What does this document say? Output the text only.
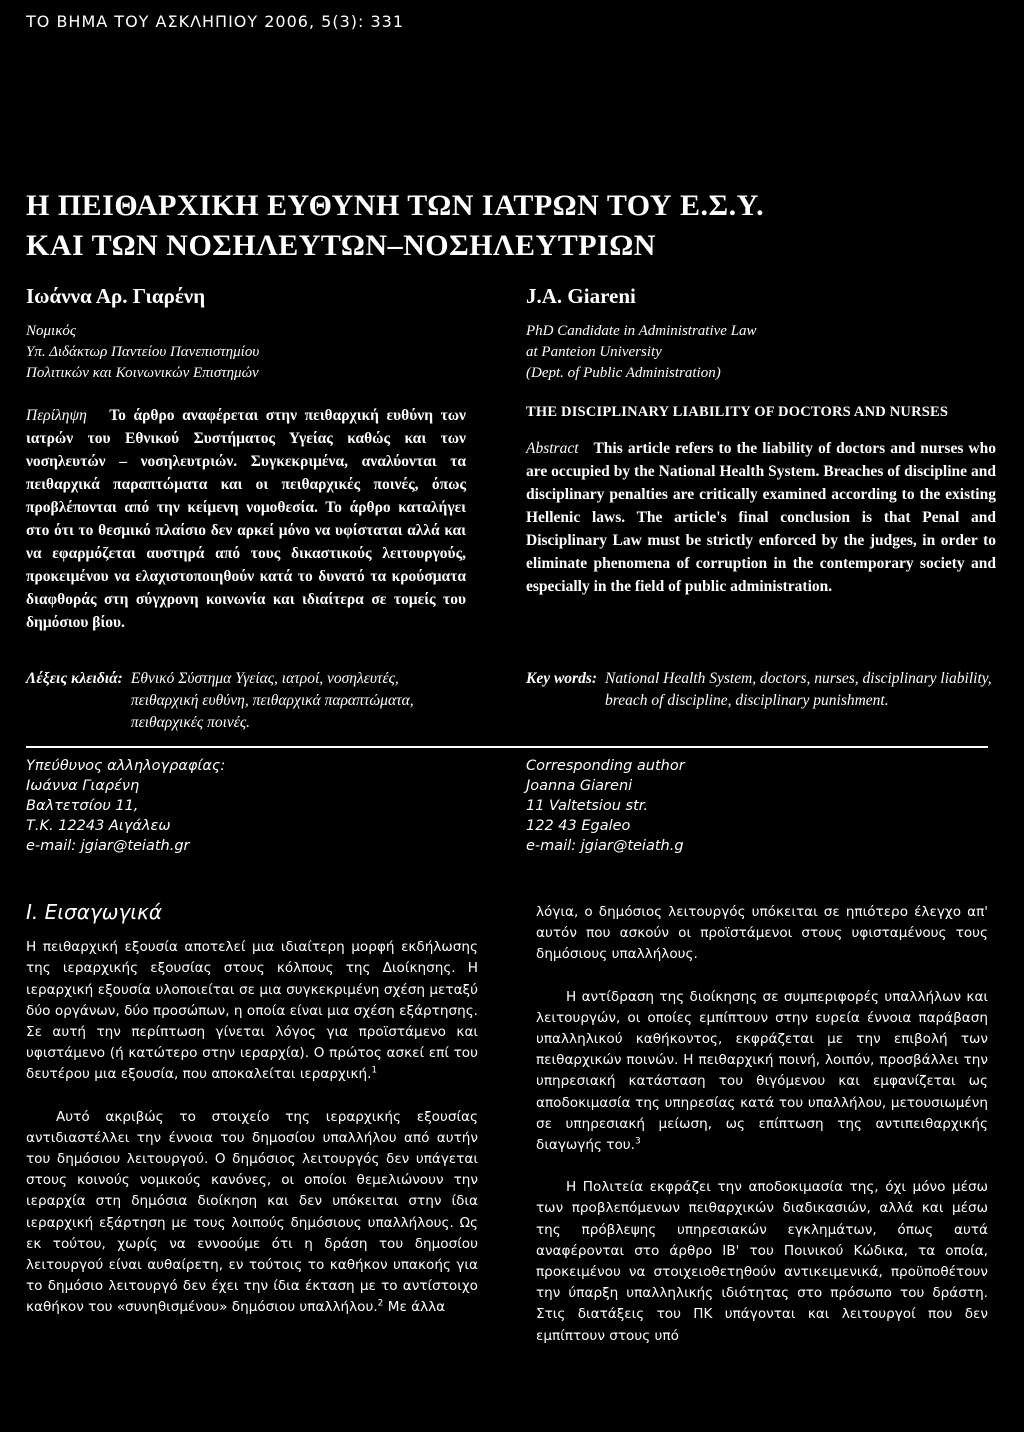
ΤΟ ΒΗΜΑ ΤΟΥ ΑΣΚΛΗΠΙΟΥ 2006, 5(3): 331
Η ΠΕΙΘΑΡΧΙΚΗ ΕΥΘΥΝΗ ΤΩΝ ΙΑΤΡΩΝ ΤΟΥ Ε.Σ.Υ.
ΚΑΙ ΤΩΝ ΝΟΣΗΛΕΥΤΩΝ–ΝΟΣΗΛΕΥΤΡΙΩΝ
Ιωάννα Αρ. Γιαρένη
Νομικός
Υπ. Διδάκτωρ Παντείου Πανεπιστημίου
Πολιτικών και Κοινωνικών Επιστημών
J.A. Giareni
PhD Candidate in Administrative Law
at Panteion University
(Dept. of Public Administration)
Περίληψη Το άρθρο αναφέρεται στην πειθαρχική ευθύνη των ιατρών του Εθνικού Συστήματος Υγείας καθώς και των νοσηλευτών – νοσηλευτριών. Συγκεκριμένα, αναλύονται τα πειθαρχικά παραπτώματα και οι πειθαρχικές ποινές, όπως προβλέπονται από την κείμενη νομοθεσία. Το άρθρο καταλήγει στο ότι το θεσμικό πλαίσιο δεν αρκεί μόνο να υφίσταται αλλά και να εφαρμόζεται αυστηρά από τους δικαστικούς λειτουργούς, προκειμένου να ελαχιστοποιηθούν κατά το δυνατό τα κρούσματα διαφθοράς στη σύγχρονη κοινωνία και ιδιαίτερα σε τομείς του δημόσιου βίου.
THE DISCIPLINARY LIABILITY OF DOCTORS AND NURSES
Abstract This article refers to the liability of doctors and nurses who are occupied by the National Health System. Breaches of discipline and disciplinary penalties are critically examined according to the existing Hellenic laws. The article's final conclusion is that Penal and Disciplinary Law must be strictly enforced by the judges, in order to eliminate phenomena of corruption in the contemporary society and especially in the field of public administration.
Λέξεις κλειδιά: Εθνικό Σύστημα Υγείας, ιατροί, νοσηλευτές, πειθαρχική ευθύνη, πειθαρχικά παραπτώματα, πειθαρχικές ποινές.
Key words: National Health System, doctors, nurses, disciplinary liability, breach of discipline, disciplinary punishment.
Υπεύθυνος αλληλογραφίας:
Ιωάννα Γιαρένη
Βαλτετσίου 11,
Τ.Κ. 12243 Αιγάλεω
e-mail: jgiar@teiath.gr
Corresponding author
Joanna Giareni
11 Valtetsiou str.
122 43 Egaleo
e-mail: jgiar@teiath.g
Ι. Εισαγωγικά

Η πειθαρχική εξουσία αποτελεί μια ιδιαίτερη μορφή εκδήλωσης της ιεραρχικής εξουσίας στους κόλπους της Διοίκησης. Η ιεραρχική εξουσία υλοποιείται σε μια συγκεκριμένη σχέση μεταξύ δύο οργάνων, δύο προσώπων, η οποία είναι μια σχέση εξάρτησης. Σε αυτή την περίπτωση γίνεται λόγος για προϊστάμενο και υφιστάμενο (ή κατώτερο στην ιεραρχία). Ο πρώτος ασκεί επί του δευτέρου μια εξουσία, που αποκαλείται ιεραρχική.$^1$

Αυτό ακριβώς το στοιχείο της ιεραρχικής εξουσίας αντιδιαστέλλει την έννοια του δημοσίου υπαλλήλου από αυτήν του δημόσιου λειτουργού. Ο δημόσιος λειτουργός δεν υπάγεται στους κοινούς νομικούς κανόνες, οι οποίοι θεμελιώνουν την ιεραρχία στη δημόσια διοίκηση και δεν υπόκειται στην ίδια ιεραρχική εξάρτηση με τους λοιπούς δημόσιους υπαλλήλους. Ως εκ τούτου, χωρίς να εννοούμε ότι η δράση του δημοσίου λειτουργού είναι αυθαίρετη, εν τούτοις το καθήκον υπακοής για το δημόσιο λειτουργό δεν έχει την ίδια έκταση με το αντίστοιχο καθήκον του «συνηθισμένου» δημόσιου υπαλλήλου.$^2$ Με άλλα

λόγια, ο δημόσιος λειτουργός υπόκειται σε ηπιότερο έλεγχο απ' αυτόν που ασκούν οι προϊστάμενοι στους υφισταμένους τους δημόσιους υπαλλήλους.

Η αντίδραση της διοίκησης σε συμπεριφορές υπαλλήλων και λειτουργών, οι οποίες εμπίπτουν στην ευρεία έννοια παράβαση υπαλληλικού καθήκοντος, εκφράζεται με την επιβολή των πειθαρχικών ποινών. Η πειθαρχική ποινή, λοιπόν, προσβάλλει την υπηρεσιακή κατάσταση του θιγόμενου και εμφανίζεται ως αποδοκιμασία της υπηρεσίας κατά του υπαλλήλου, μετουσιωμένη σε υπηρεσιακή μείωση, ως επίπτωση της αντιπειθαρχικής διαγωγής του.$^3$

Η Πολιτεία εκφράζει την αποδοκιμασία της, όχι μόνο μέσω των προβλεπόμενων πειθαρχικών διαδικασιών, αλλά και μέσω της πρόβλεψης υπηρεσιακών εγκλημάτων, όπως αυτά αναφέρονται στο άρθρο ΙΒ' του Ποινικού Κώδικα, τα οποία, προκειμένου να στοιχειοθετηθούν αντικειμενικά, προϋποθέτουν την ύπαρξη υπαλληλικής ιδιότητας στο πρόσωπο του δράστη. Στις διατάξεις του ΠΚ υπάγονται και λειτουργοί που δεν εμπίπτουν στους υπό
